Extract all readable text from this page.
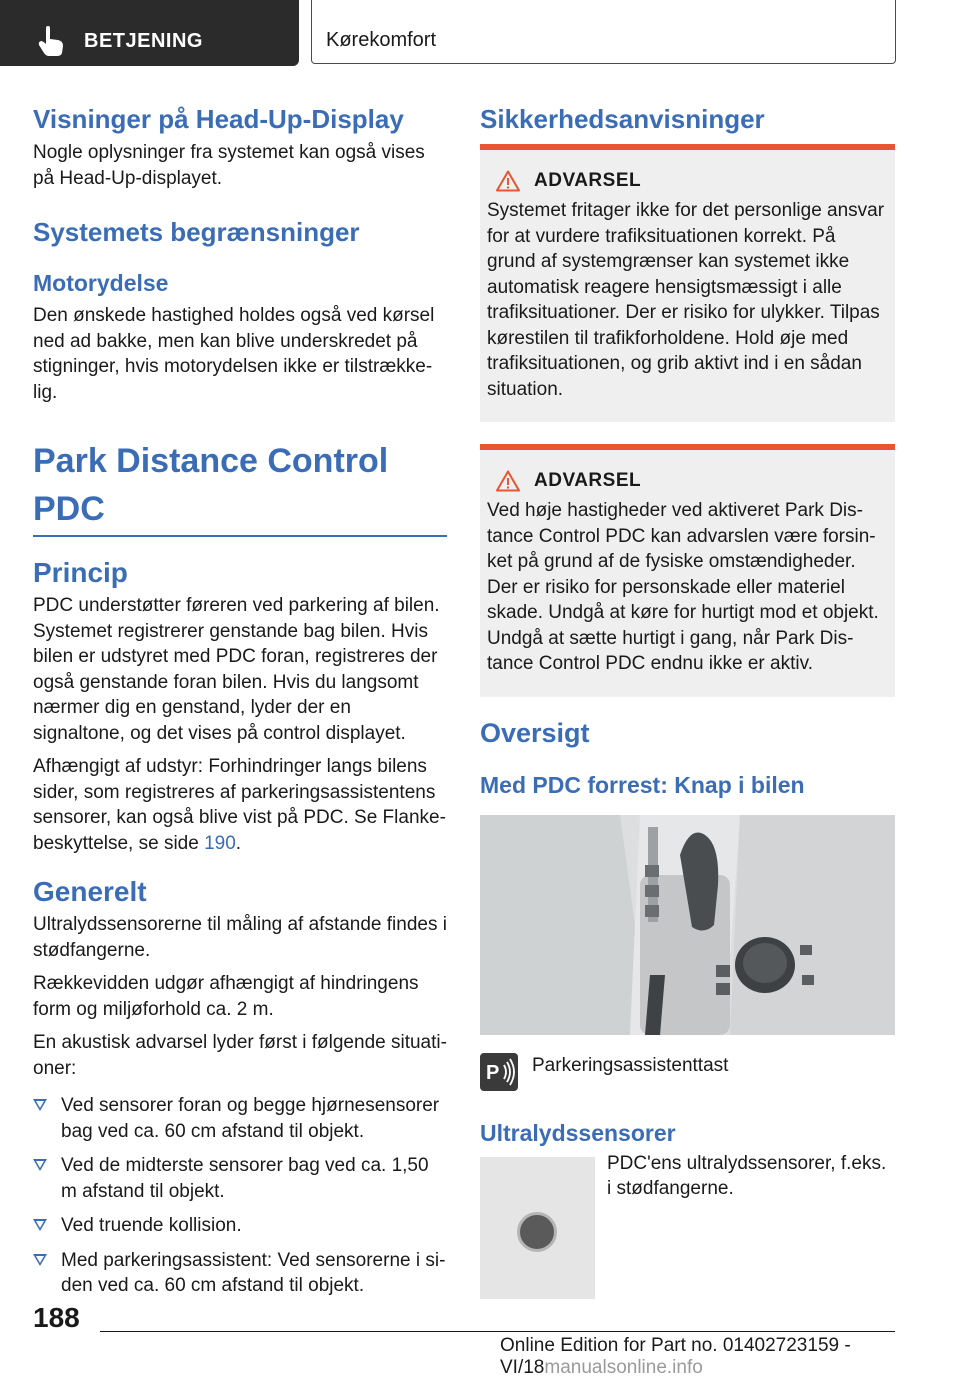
BETJENING	Kørekomfort
Visninger på Head-Up-Display

Nogle oplysninger fra systemet kan også vises på Head-Up-displayet.

Systemets begrænsninger
Motorydelse

Den ønskede hastighed holdes også ved kørsel ned ad bakke, men kan blive underskredet på stigninger, hvis motorydelsen ikke er tilstrækkelig.

Park Distance Control PDC
Princip

PDC understøtter føreren ved parkering af bilen. Systemet registrerer genstande bag bilen. Hvis bilen er udstyret med PDC foran, registreres der også genstande foran bilen. Hvis du langsomt nærmer dig en genstand, lyder der en signaltone, og det vises på control displayet.

Afhængigt af udstyr: Forhindringer langs bilens sider, som registreres af parkeringsassistentens sensorer, kan også blive vist på PDC. Se Flankebeskyttelse, se side 190.

Generelt

Ultralydssensorerne til måling af afstande findes i stødfangerne.

Rækkevidden udgør afhængigt af hindringens form og miljøforhold ca. 2 m.

En akustisk advarsel lyder først i følgende situationer:

Ved sensorer foran og begge hjørnesensorer bag ved ca. 60 cm afstand til objekt.
Ved de midterste sensorer bag ved ca. 1,50 m afstand til objekt.
Ved truende kollision.
Med parkeringsassistent: Ved sensorerne i siden ved ca. 60 cm afstand til objekt.
Sikkerhedsanvisninger
ADVARSEL

Systemet fritager ikke for det personlige ansvar for at vurdere trafiksituationen korrekt. På grund af systemgrænser kan systemet ikke automatisk reagere hensigtsmæssigt i alle trafiksituationer. Der er risiko for ulykker. Tilpas kørestilen til trafikforholdene. Hold øje med trafiksituationen, og grib aktivt ind i en sådan situation.

ADVARSEL

Ved høje hastigheder ved aktiveret Park Distance Control PDC kan advarslen være forsinket på grund af de fysiske omstændigheder. Der er risiko for personskade eller materiel skade. Undgå at køre for hurtigt mod et objekt. Undgå at sætte hurtigt i gang, når Park Distance Control PDC endnu ikke er aktiv.

Oversigt
Med PDC forrest: Knap i bilen
P Parkeringsassistenttast
Ultralydssensorer

PDC'ens ultralydssensorer, f.eks. i stødfangerne.

188
Online Edition for Part no. 01402723159 - VI/18manualsonline.info
